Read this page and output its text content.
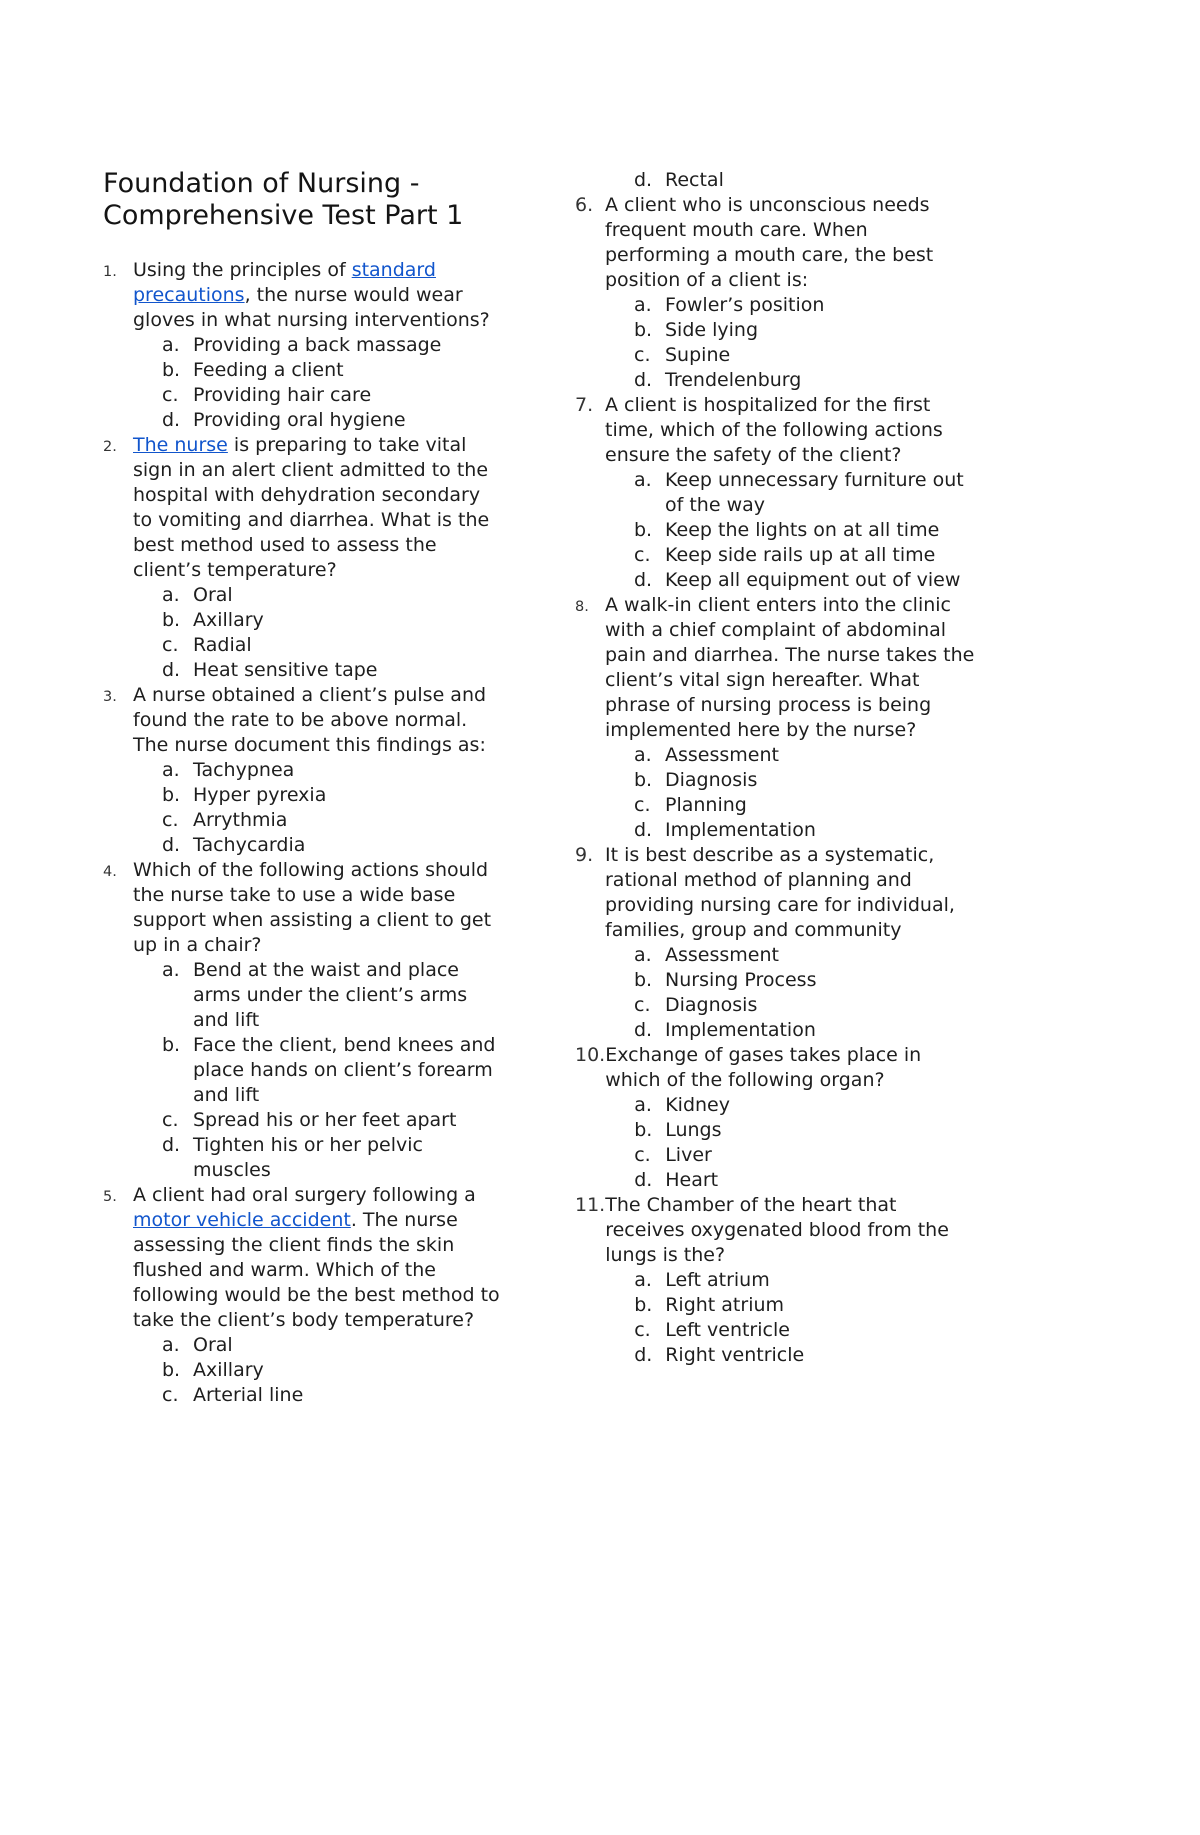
Foundation of Nursing - Comprehensive Test Part 1
1. Using the principles of standard precautions, the nurse would wear gloves in what nursing interventions?
a. Providing a back massage
b. Feeding a client
c. Providing hair care
d. Providing oral hygiene
2. The nurse is preparing to take vital sign in an alert client admitted to the hospital with dehydration secondary to vomiting and diarrhea. What is the best method used to assess the client’s temperature?
a. Oral
b. Axillary
c. Radial
d. Heat sensitive tape
3. A nurse obtained a client’s pulse and found the rate to be above normal. The nurse document this findings as:
a. Tachypnea
b. Hyper pyrexia
c. Arrythmia
d. Tachycardia
4. Which of the following actions should the nurse take to use a wide base support when assisting a client to get up in a chair?
a. Bend at the waist and place arms under the client’s arms and lift
b. Face the client, bend knees and place hands on client’s forearm and lift
c. Spread his or her feet apart
d. Tighten his or her pelvic muscles
5. A client had oral surgery following a motor vehicle accident. The nurse assessing the client finds the skin flushed and warm. Which of the following would be the best method to take the client’s body temperature?
a. Oral
b. Axillary
c. Arterial line
d. Rectal
6. A client who is unconscious needs frequent mouth care. When performing a mouth care, the best position of a client is:
a. Fowler’s position
b. Side lying
c. Supine
d. Trendelenburg
7. A client is hospitalized for the first time, which of the following actions ensure the safety of the client?
a. Keep unnecessary furniture out of the way
b. Keep the lights on at all time
c. Keep side rails up at all time
d. Keep all equipment out of view
8. A walk-in client enters into the clinic with a chief complaint of abdominal pain and diarrhea. The nurse takes the client’s vital sign hereafter. What phrase of nursing process is being implemented here by the nurse?
a. Assessment
b. Diagnosis
c. Planning
d. Implementation
9. It is best describe as a systematic, rational method of planning and providing nursing care for individual, families, group and community
a. Assessment
b. Nursing Process
c. Diagnosis
d. Implementation
10. Exchange of gases takes place in which of the following organ?
a. Kidney
b. Lungs
c. Liver
d. Heart
11. The Chamber of the heart that receives oxygenated blood from the lungs is the?
a. Left atrium
b. Right atrium
c. Left ventricle
d. Right ventricle
